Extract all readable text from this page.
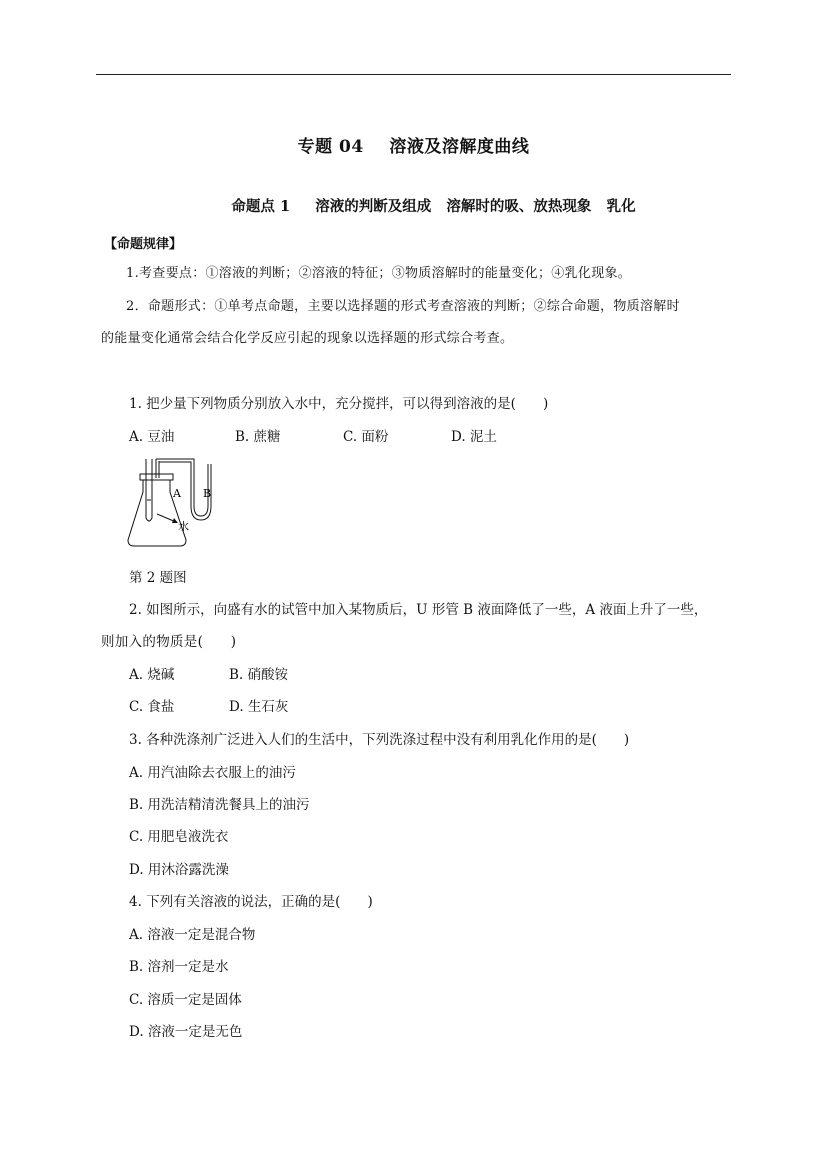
专题 04    溶液及溶解度曲线
命题点 1     溶液的判断及组成   溶解时的吸、放热现象   乳化
【命题规律】
1.考查要点：①溶液的判断；②溶液的特征；③物质溶解时的能量变化；④乳化现象。
2．命题形式：①单考点命题，主要以选择题的形式考查溶液的判断；②综合命题，物质溶解时
的能量变化通常会结合化学反应引起的现象以选择题的形式综合考查。
1. 把少量下列物质分别放入水中，充分搅拌，可以得到溶液的是(　　)
A. 豆油	B. 蔗糖	C. 面粉	D. 泥土
A B
水
第 2 题图
2. 如图所示，向盛有水的试管中加入某物质后，U 形管 B 液面降低了一些，A 液面上升了一些，
则加入的物质是(　　)
A. 烧碱	B. 硝酸铵
C. 食盐	D. 生石灰
3. 各种洗涤剂广泛进入人们的生活中，下列洗涤过程中没有利用乳化作用的是(　　)
A. 用汽油除去衣服上的油污
B. 用洗洁精清洗餐具上的油污
C. 用肥皂液洗衣
D. 用沐浴露洗澡
4. 下列有关溶液的说法，正确的是(　　)
A. 溶液一定是混合物
B. 溶剂一定是水
C. 溶质一定是固体
D. 溶液一定是无色
